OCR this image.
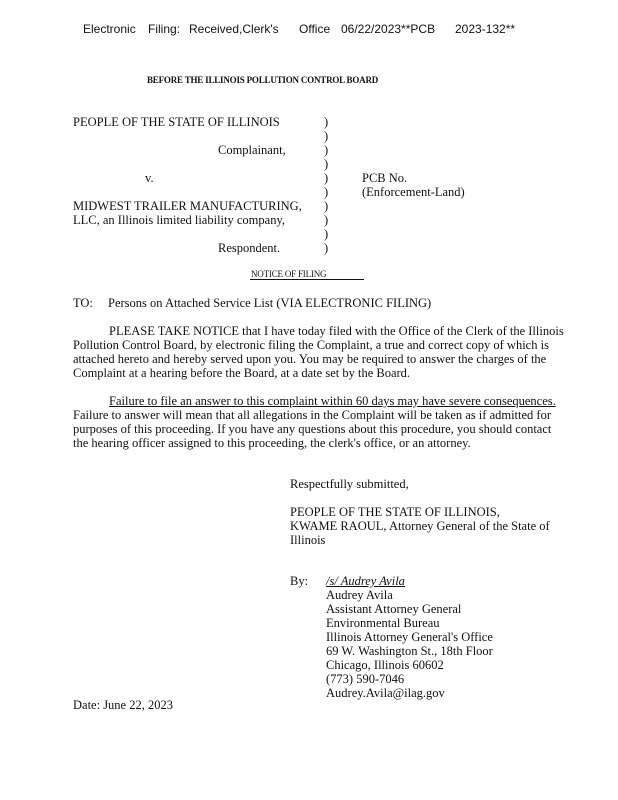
Electronic Filing: Received,Clerk's Office 06/22/2023**PCB 2023-132**
BEFORE THE ILLINOIS POLLUTION CONTROL BOARD
PEOPLE OF THE STATE OF ILLINOIS
Complainant,
v.
MIDWEST TRAILER MANUFACTURING,
LLC, an Illinois limited liability company,
Respondent.
)
)
)
)
)
)
)
)
)
)
PCB No.
(Enforcement-Land)
NOTICE OF FILING
TO: Persons on Attached Service List (VIA ELECTRONIC FILING)
PLEASE TAKE NOTICE that I have today filed with the Office of the Clerk of the Illinois
Pollution Control Board, by electronic filing the Complaint, a true and correct copy of which is
attached hereto and hereby served upon you. You may be required to answer the charges of the
Complaint at a hearing before the Board, at a date set by the Board.
Failure to file an answer to this complaint within 60 days may have severe consequences.
Failure to answer will mean that all allegations in the Complaint will be taken as if admitted for
purposes of this proceeding. If you have any questions about this procedure, you should contact
the hearing officer assigned to this proceeding, the clerk's office, or an attorney.
Respectfully submitted,
PEOPLE OF THE STATE OF ILLINOIS,
KWAME RAOUL, Attorney General of the State of
Illinois
By: /s/ Audrey Avila
Audrey Avila
Assistant Attorney General
Environmental Bureau
Illinois Attorney General's Office
69 W. Washington St., 18th Floor
Chicago, Illinois 60602
(773) 590-7046
Audrey.Avila@ilag.gov
Date: June 22, 2023
